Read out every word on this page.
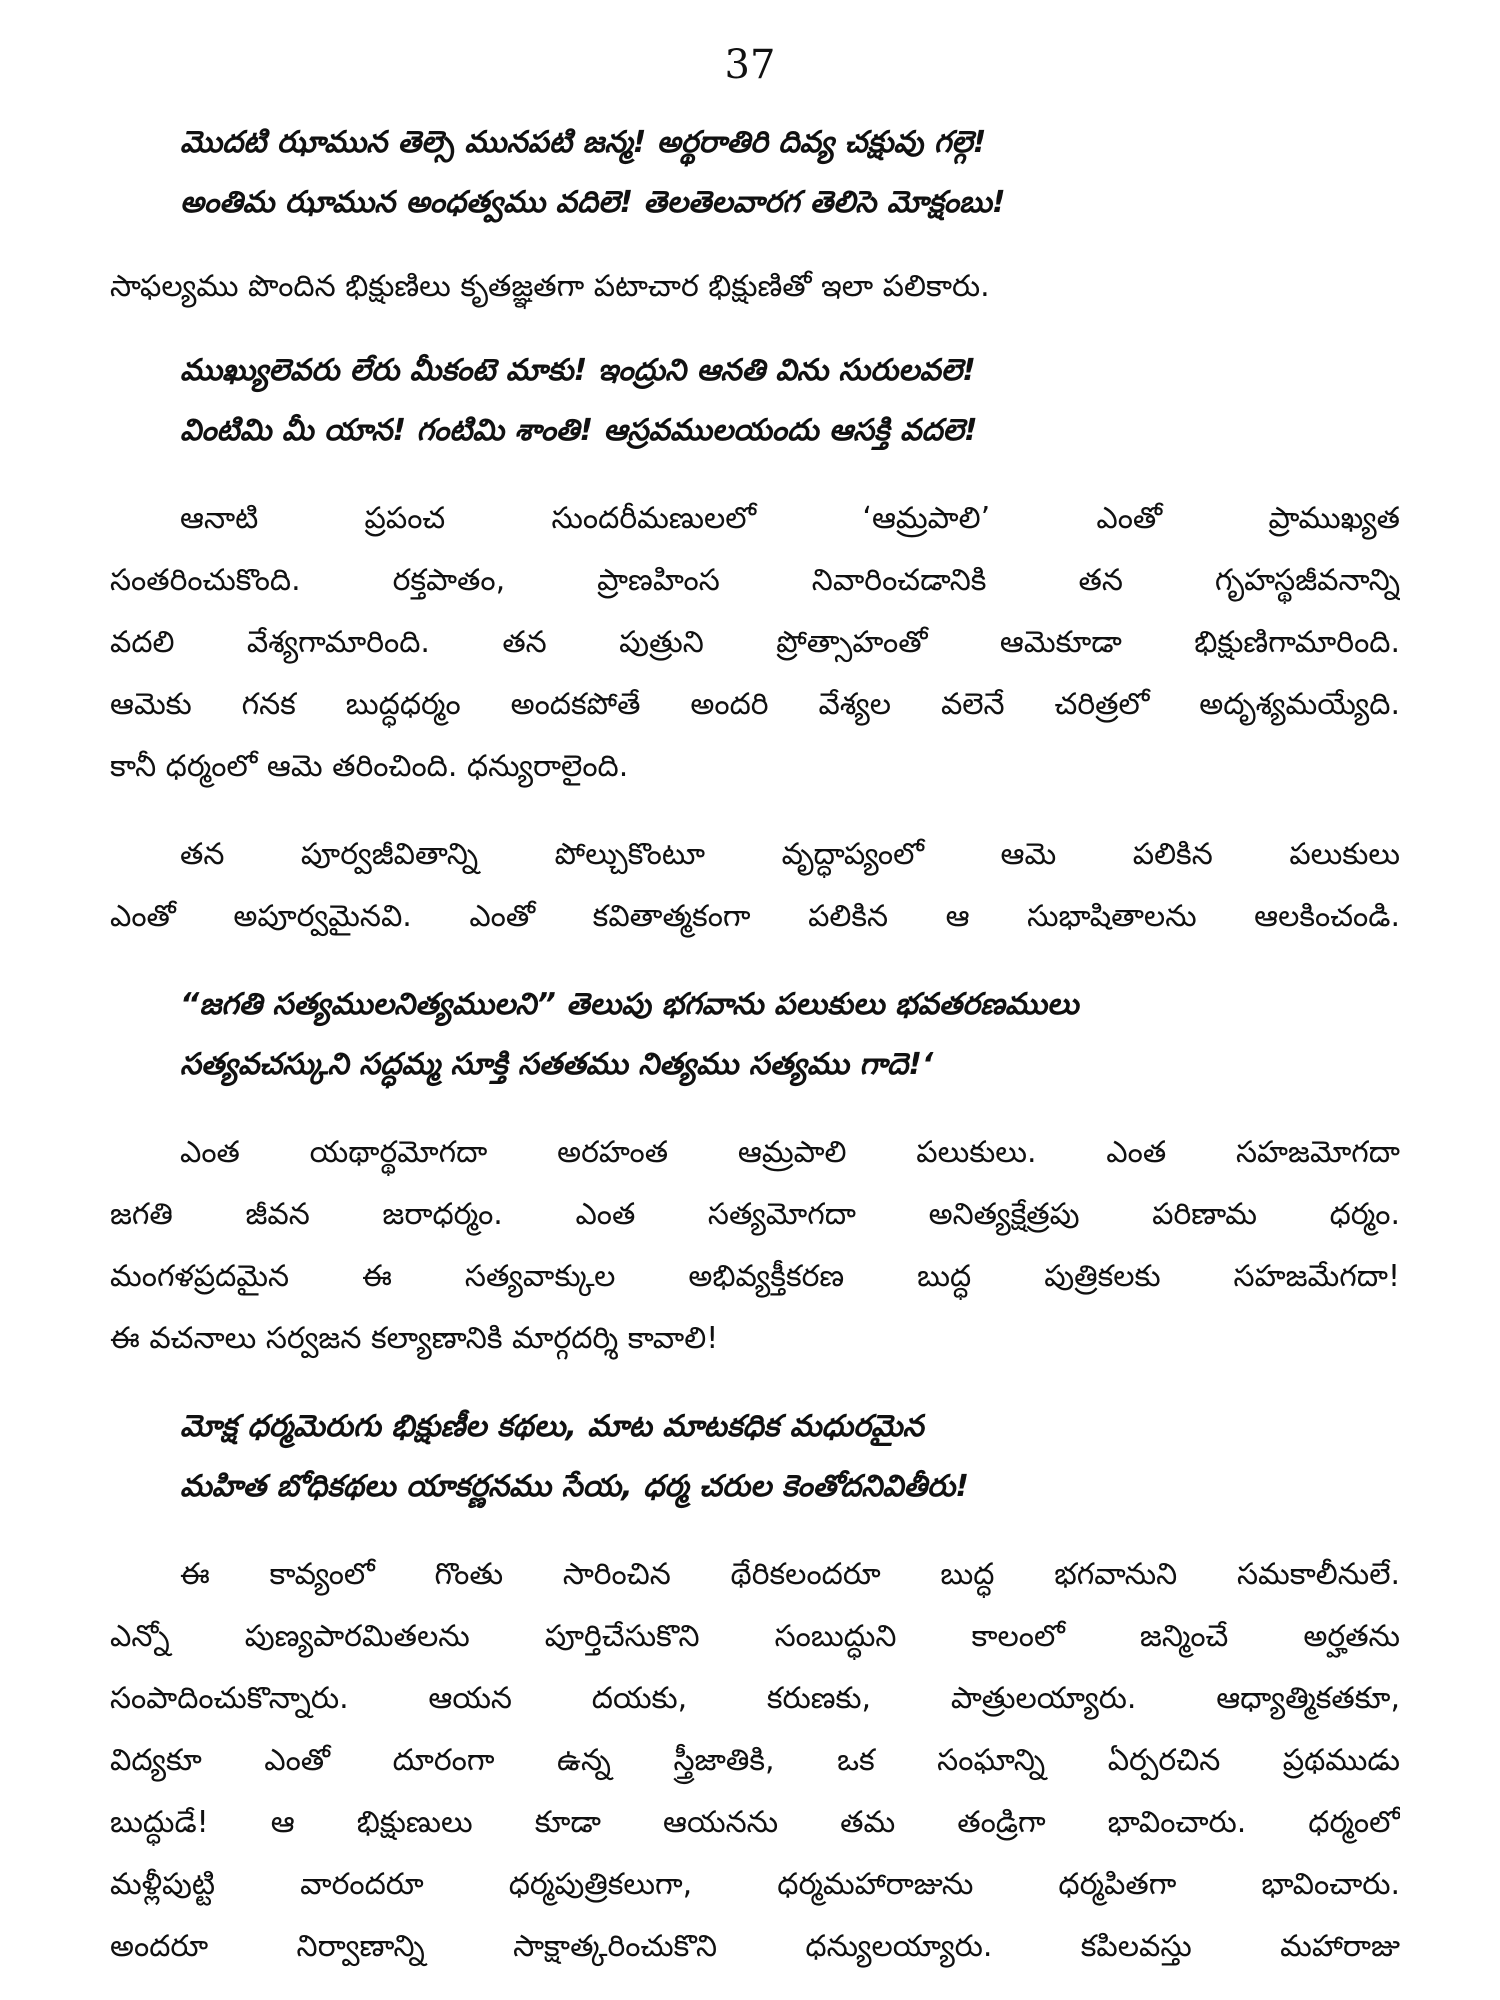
37
మొదటి ఝామున తెల్సె మునపటి జన్మ! అర్థరాతిరి దివ్య చక్షువు గల్గె!
అంతిమ ఝామున అంధత్వము వదిలె! తెలతెలవారగ తెలిసె మోక్షంబు!
సాఫల్యము పొందిన భిక్షుణిలు కృతజ్ఞతగా పటాచార భిక్షుణితో ఇలా పలికారు.
ముఖ్యులెవరు లేరు మీకంటె మాకు! ఇంద్రుని ఆనతి విను సురులవలె!
వింటిమి మీ యాన! గంటిమి శాంతి! ఆస్రవములయందు ఆసక్తి వదలె!
ఆనాటి ప్రపంచ సుందరీమణులలో ‘ఆమ్రపాలి’ ఎంతో ప్రాముఖ్యత
సంతరించుకొంది. రక్తపాతం, ప్రాణహింస నివారించడానికి తన గృహస్థజీవనాన్ని
వదలి వేశ్యగామారింది. తన పుత్రుని ప్రోత్సాహంతో ఆమెకూడా భిక్షుణిగామారింది.
ఆమెకు గనక బుద్ధధర్మం అందకపోతే అందరి వేశ్యల వలెనే చరిత్రలో అదృశ్యమయ్యేది.
కానీ ధర్మంలో ఆమె తరించింది. ధన్యురాలైంది.
తన పూర్వజీవితాన్ని పోల్చుకొంటూ వృద్ధాప్యంలో ఆమె పలికిన పలుకులు
ఎంతో అపూర్వమైనవి. ఎంతో కవితాత్మకంగా పలికిన ఆ సుభాషితాలను ఆలకించండి.
“జగతి సత్యములనిత్యములని” తెలుపు భగవాను పలుకులు భవతరణములు
సత్యవచస్కుని సద్ధమ్మ సూక్తి సతతము నిత్యము సత్యము గాదె!‘
ఎంత యథార్థమోగదా అరహంత ఆమ్రపాలి పలుకులు. ఎంత సహజమోగదా
జగతి జీవన జరాధర్మం. ఎంత సత్యమోగదా అనిత్యక్షేత్రపు పరిణామ ధర్మం.
మంగళప్రదమైన ఈ సత్యవాక్కుల అభివ్యక్తీకరణ బుద్ధ పుత్రికలకు సహజమేగదా!
ఈ వచనాలు సర్వజన కల్యాణానికి మార్గదర్శి కావాలి!
మోక్ష ధర్మమెరుగు భిక్షుణీల కథలు, మాట మాటకధిక మధురమైన
మహిత బోధికథలు యాకర్ణనము సేయ, ధర్మ చరుల కెంతోదనివితీరు!
ఈ కావ్యంలో గొంతు సారించిన థేరికలందరూ బుద్ధ భగవానుని సమకాలీనులే.
ఎన్నో పుణ్యపారమితలను పూర్తిచేసుకొని సంబుద్ధుని కాలంలో జన్మించే అర్హతను
సంపాదించుకొన్నారు. ఆయన దయకు, కరుణకు, పాత్రులయ్యారు. ఆధ్యాత్మికతకూ,
విద్యకూ ఎంతో దూరంగా ఉన్న స్త్రీజాతికి, ఒక సంఘాన్ని ఏర్పరచిన ప్రథముడు
బుద్ధుడే! ఆ భిక్షుణులు కూడా ఆయనను తమ తండ్రిగా భావించారు. ధర్మంలో
మళ్లీపుట్టి వారందరూ ధర్మపుత్రికలుగా, ధర్మమహారాజును ధర్మపితగా భావించారు.
అందరూ నిర్వాణాన్ని సాక్షాత్కరించుకొని ధన్యులయ్యారు. కపిలవస్తు మహారాజు
